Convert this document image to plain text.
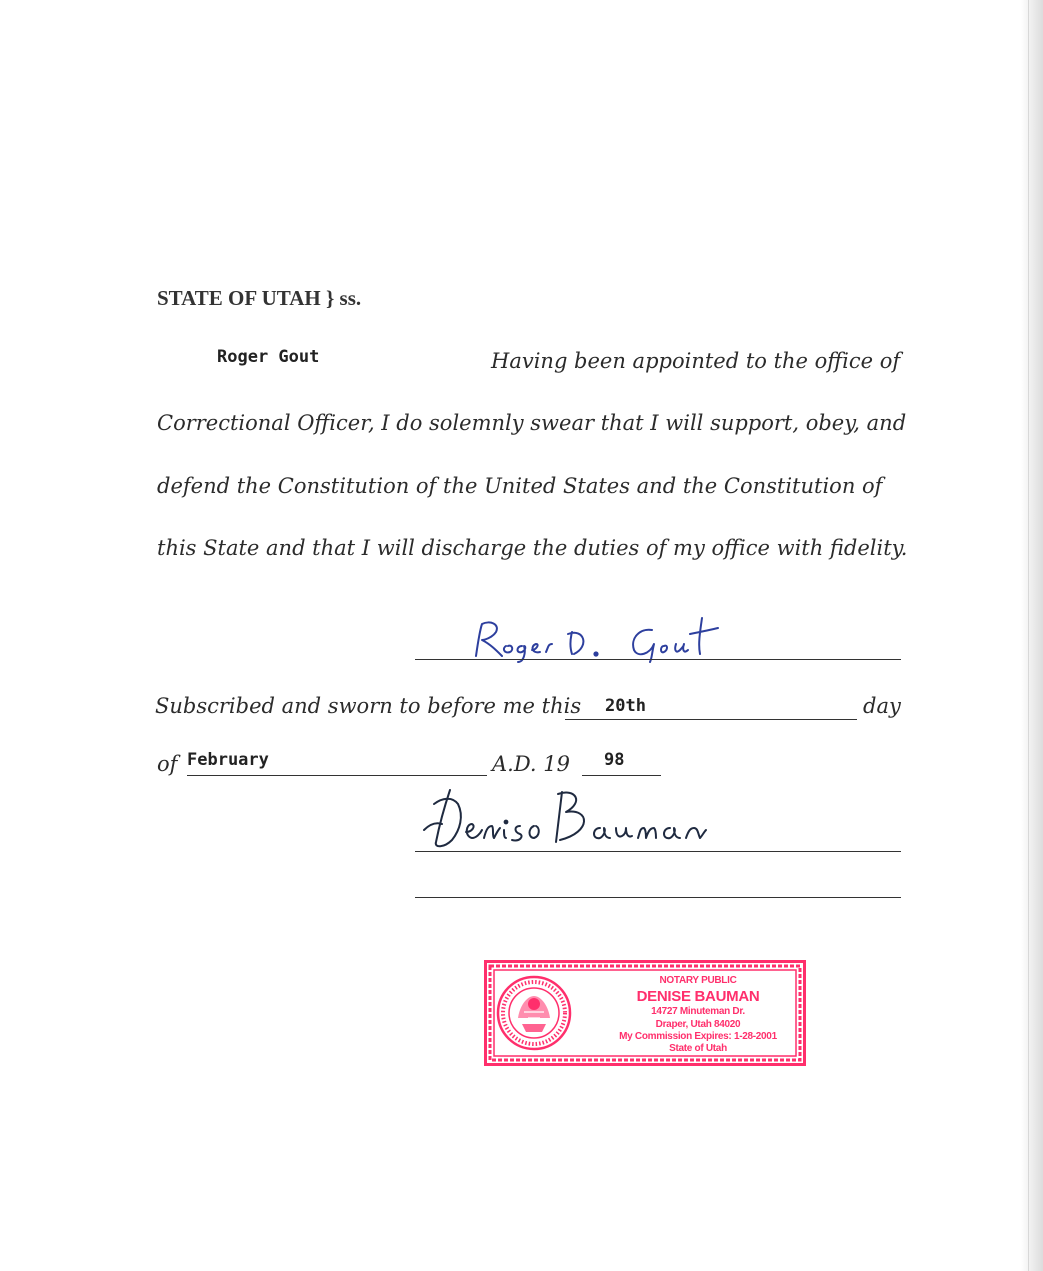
STATE OF UTAH } ss.
Roger Gout	Having been appointed to the office of
Correctional Officer, I do solemnly swear that I will support, obey, and
defend the Constitution of the United States and the Constitution of
this State and that I will discharge the duties of my office with fidelity.
Subscribed and sworn to before me this 20th	day
of February	A.D. 19 98
NOTARY PUBLIC
DENISE BAUMAN
14727 Minuteman Dr.
Draper, Utah 84020
My Commission Expires: 1-28-2001
State of Utah
